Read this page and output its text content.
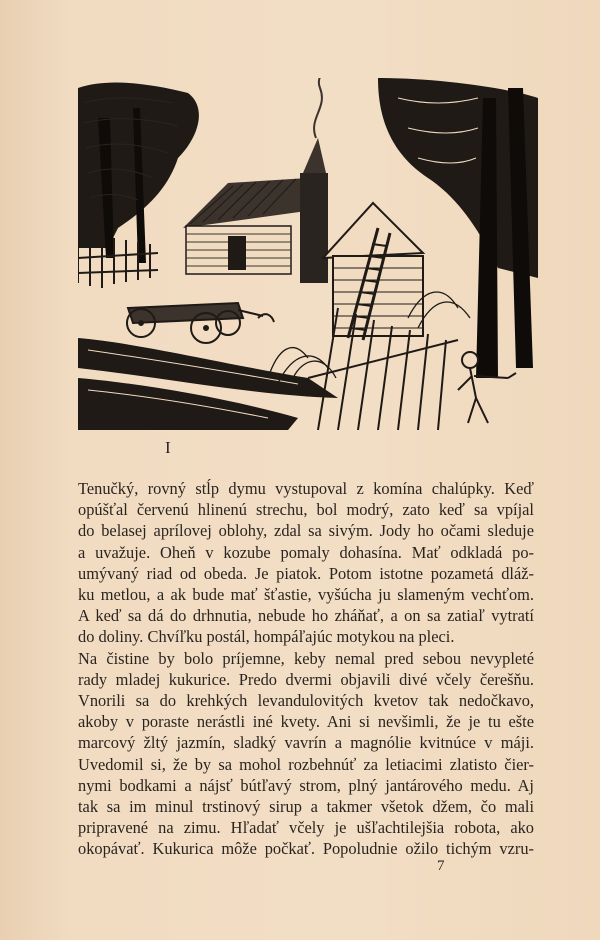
I
Tenučký, rovný stĺp dymu vystupoval z komína chalúpky. Keď
opúšťal červenú hlinenú strechu, bol modrý, zato keď sa vpíjal
do belasej aprílovej oblohy, zdal sa sivým. Jody ho očami sleduje
a uvažuje. Oheň v kozube pomaly dohasína. Mať odkladá po-
umývaný riad od obeda. Je piatok. Potom istotne pozametá dláž-
ku metlou, a ak bude mať šťastie, vyšúcha ju slameným vechťom.
A keď sa dá do drhnutia, nebude ho zháňať, a on sa zatiaľ vytratí
do doliny. Chvíľku postál, hompáľajúc motykou na pleci.
Na čistine by bolo príjemne, keby nemal pred sebou nevypleté
rady mladej kukurice. Predo dvermi objavili divé včely čerešňu.
Vnorili sa do krehkých levandulovitých kvetov tak nedočkavo,
akoby v poraste nerástli iné kvety. Ani si nevšimli, že je tu ešte
marcový žltý jazmín, sladký vavrín a magnólie kvitnúce v máji.
Uvedomil si, že by sa mohol rozbehnúť za letiacimi zlatisto čier-
nymi bodkami a nájsť bútľavý strom, plný jantárového medu. Aj
tak sa im minul trstinový sirup a takmer všetok džem, čo mali
pripravené na zimu. Hľadať včely je ušľachtilejšia robota, ako
okopávať. Kukurica môže počkať. Popoludnie ožilo tichým vzru-
7
